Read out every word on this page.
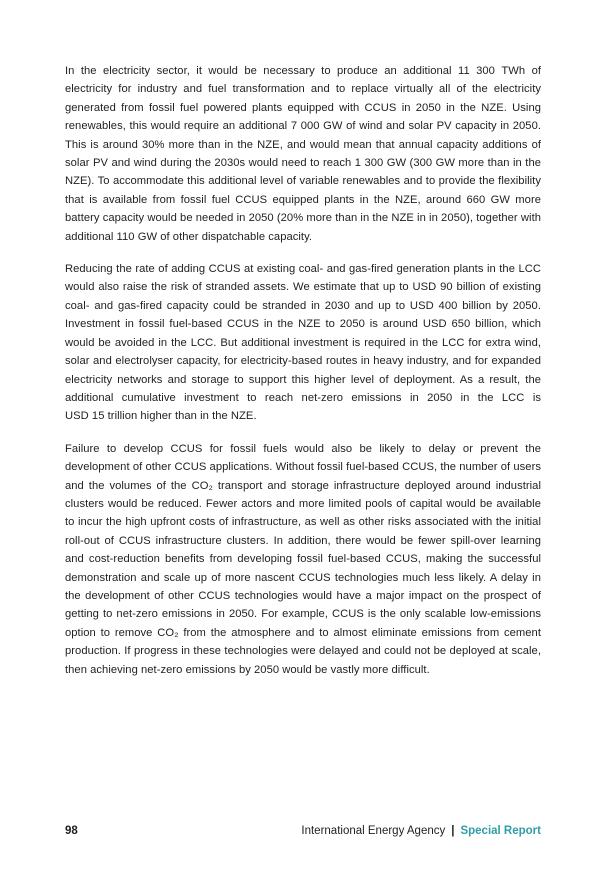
In the electricity sector, it would be necessary to produce an additional 11 300 TWh of electricity for industry and fuel transformation and to replace virtually all of the electricity generated from fossil fuel powered plants equipped with CCUS in 2050 in the NZE. Using renewables, this would require an additional 7 000 GW of wind and solar PV capacity in 2050. This is around 30% more than in the NZE, and would mean that annual capacity additions of solar PV and wind during the 2030s would need to reach 1 300 GW (300 GW more than in the NZE). To accommodate this additional level of variable renewables and to provide the flexibility that is available from fossil fuel CCUS equipped plants in the NZE, around 660 GW more battery capacity would be needed in 2050 (20% more than in the NZE in in 2050), together with additional 110 GW of other dispatchable capacity.

Reducing the rate of adding CCUS at existing coal- and gas-fired generation plants in the LCC would also raise the risk of stranded assets. We estimate that up to USD 90 billion of existing coal- and gas-fired capacity could be stranded in 2030 and up to USD 400 billion by 2050. Investment in fossil fuel-based CCUS in the NZE to 2050 is around USD 650 billion, which would be avoided in the LCC. But additional investment is required in the LCC for extra wind, solar and electrolyser capacity, for electricity-based routes in heavy industry, and for expanded electricity networks and storage to support this higher level of deployment. As a result, the additional cumulative investment to reach net-zero emissions in 2050 in the LCC is USD 15 trillion higher than in the NZE.

Failure to develop CCUS for fossil fuels would also be likely to delay or prevent the development of other CCUS applications. Without fossil fuel-based CCUS, the number of users and the volumes of the CO₂ transport and storage infrastructure deployed around industrial clusters would be reduced. Fewer actors and more limited pools of capital would be available to incur the high upfront costs of infrastructure, as well as other risks associated with the initial roll-out of CCUS infrastructure clusters. In addition, there would be fewer spill-over learning and cost-reduction benefits from developing fossil fuel-based CCUS, making the successful demonstration and scale up of more nascent CCUS technologies much less likely. A delay in the development of other CCUS technologies would have a major impact on the prospect of getting to net-zero emissions in 2050. For example, CCUS is the only scalable low-emissions option to remove CO₂ from the atmosphere and to almost eliminate emissions from cement production. If progress in these technologies were delayed and could not be deployed at scale, then achieving net-zero emissions by 2050 would be vastly more difficult.

98	International Energy Agency | Special Report
